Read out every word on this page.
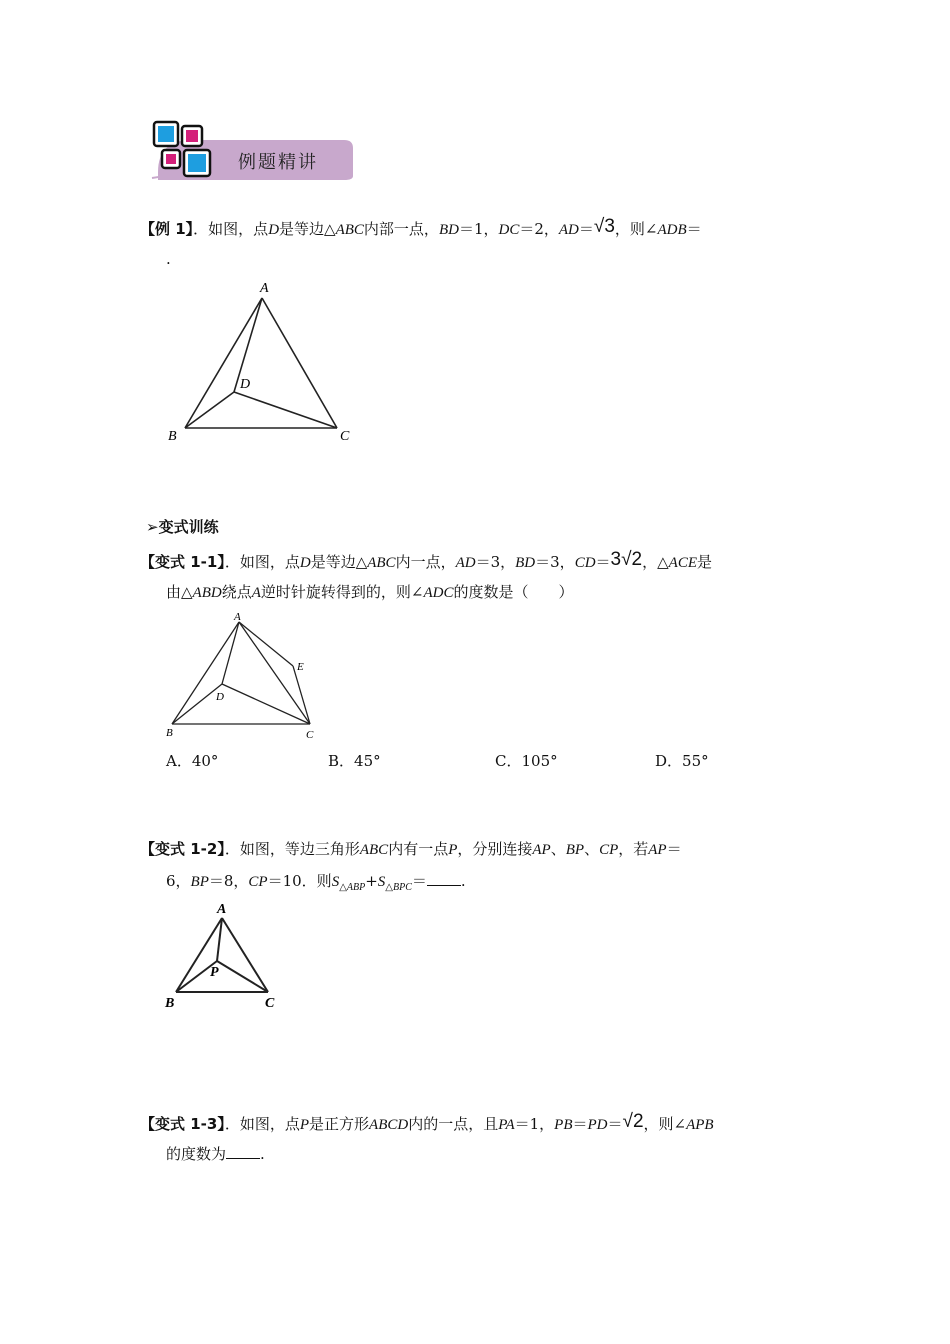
例题精讲
【例 1】．如图，点D是等边△ABC内部一点，BD＝1，DC＝2，AD＝√3，则∠ADB＝
.
A
B	C
D
➢变式训练
【变式 1-1】．如图，点D是等边△ABC内一点，AD＝3，BD＝3，CD＝3√2，△ACE是
由△ABD绕点A逆时针旋转得到的，则∠ADC的度数是（　　）
A
B	C
D
E
A．40°	B．45°	C．105°	D．55°
【变式 1-2】．如图，等边三角形ABC内有一点P，分别连接AP、BP、CP，若AP＝
6，BP＝8，CP＝10．则$S_{\triangle ABP}+S_{\triangle BPC}=$ .
A
B	C
P
【变式 1-3】．如图，点P是正方形ABCD内的一点，且PA＝1，PB＝PD＝√2，则∠APB
的度数为 .
